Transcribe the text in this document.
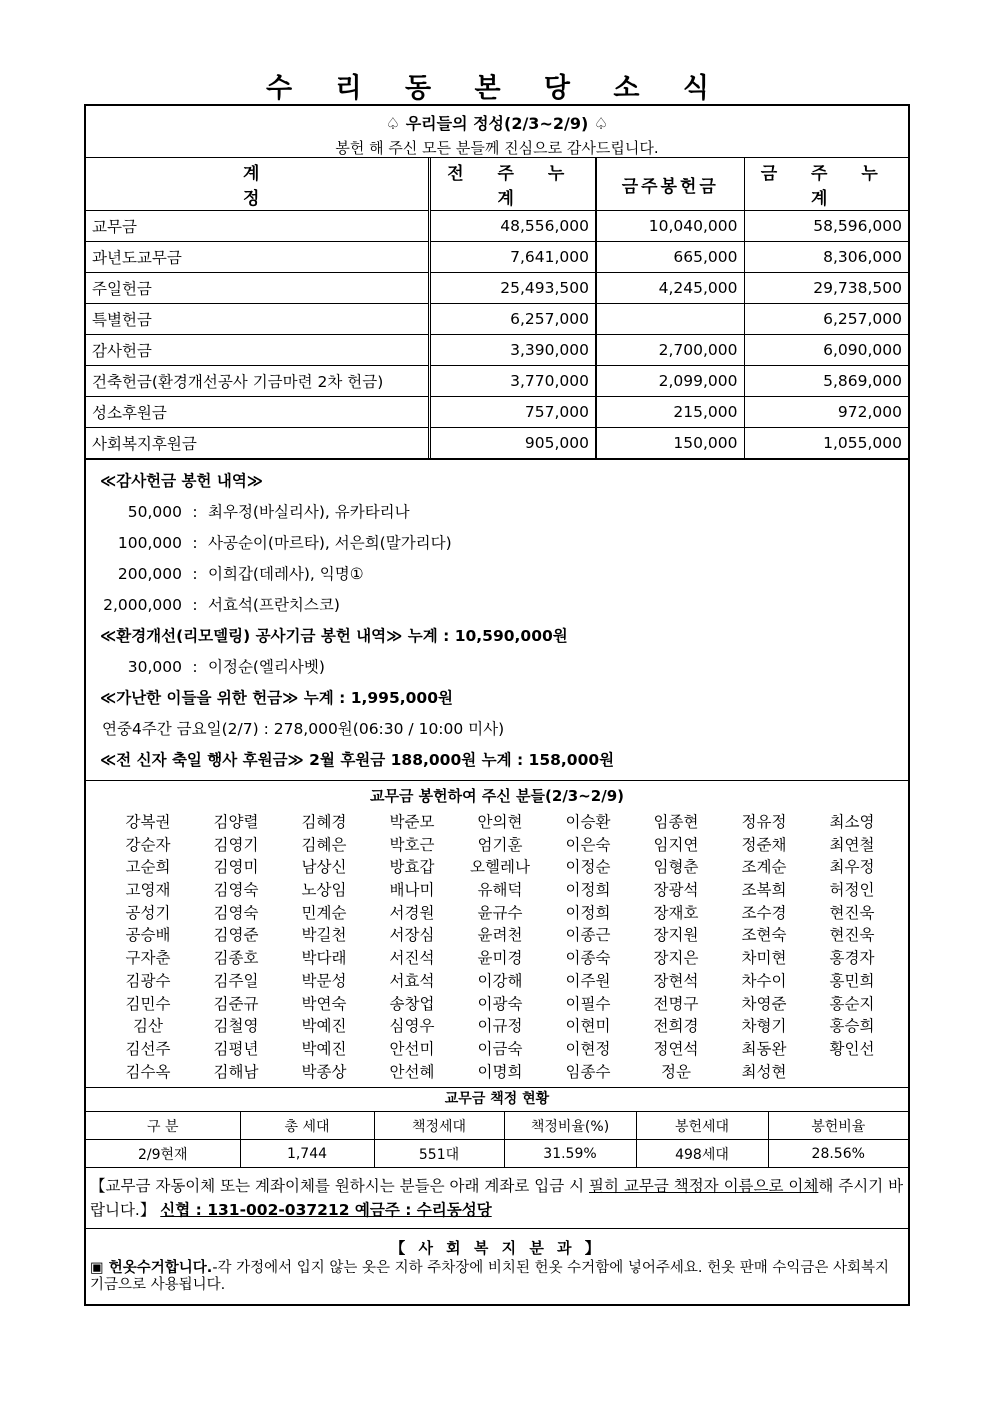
수 리 동 본 당 소 식
♤ 우리들의 정성(2/3~2/9) ♤
봉헌 해 주신 모든 분들께 진심으로 감사드립니다.
계 정	전 주 누 계	금주봉헌금	금 주 누 계
교무금	48,556,000	10,040,000	58,596,000
과년도교무금	7,641,000	665,000	8,306,000
주일헌금	25,493,500	4,245,000	29,738,500
특별헌금	6,257,000		6,257,000
감사헌금	3,390,000	2,700,000	6,090,000
건축헌금(환경개선공사 기금마련 2차 헌금)	3,770,000	2,099,000	5,869,000
성소후원금	757,000	215,000	972,000
사회복지후원금	905,000	150,000	1,055,000
≪감사헌금 봉헌 내역≫
50,000 : 최우정(바실리사), 유카타리나
100,000 : 사공순이(마르타), 서은희(말가리다)
200,000 : 이희갑(데레사), 익명①
2,000,000 : 서효석(프란치스코)
≪환경개선(리모델링) 공사기금 봉헌 내역≫ 누계 : 10,590,000원
30,000 : 이정순(엘리사벳)
≪가난한 이들을 위한 헌금≫ 누계 : 1,995,000원
연중4주간 금요일(2/7) : 278,000원(06:30 / 10:00 미사)
≪전 신자 축일 행사 후원금≫ 2월 후원금 188,000원 누계 : 158,000원
교무금 봉헌하여 주신 분들(2/3~2/9)
강복권	김양렬	김혜경	박준모	안의현	이승환	임종현	정유정	최소영
강순자	김영기	김혜은	박호근	엄기훈	이은숙	임지연	정준채	최연철
고순희	김영미	남상신	방효갑	오헬레나	이정순	임형춘	조계순	최우정
고영재	김영숙	노상임	배나미	유해덕	이정희	장광석	조복희	허정인
공성기	김영숙	민계순	서경원	윤규수	이정희	장재호	조수경	현진욱
공승배	김영준	박길천	서장심	윤려천	이종근	장지원	조현숙	현진욱
구자춘	김종호	박다래	서진석	윤미경	이종숙	장지은	차미현	홍경자
김광수	김주일	박문성	서효석	이강해	이주원	장현석	차수이	홍민희
김민수	김준규	박연숙	송창업	이광숙	이필수	전명구	차영준	홍순지
김산	김철영	박예진	심영우	이규정	이현미	전희경	차형기	홍승희
김선주	김평년	박예진	안선미	이금숙	이현정	정연석	최동완	황인선
김수옥	김해남	박종상	안선혜	이명희	임종수	정운	최성현
교무금 책정 현황
구 분	총 세대	책정세대	책정비율(%)	봉헌세대	봉헌비율
2/9현재	1,744	551대	31.59%	498세대	28.56%
【교무금 자동이체 또는 계좌이체를 원하시는 분들은 아래 계좌로 입금 시 필히 교무금 책정자 이름으로 이체해 주시기 바랍니다.】 신협 : 131-002-037212 예금주 : 수리동성당
【 사 회 복 지 분 과 】
▣ 헌옷수거합니다.-각 가정에서 입지 않는 옷은 지하 주차장에 비치된 헌옷 수거함에 넣어주세요. 헌옷 판매 수익금은 사회복지 기금으로 사용됩니다.
